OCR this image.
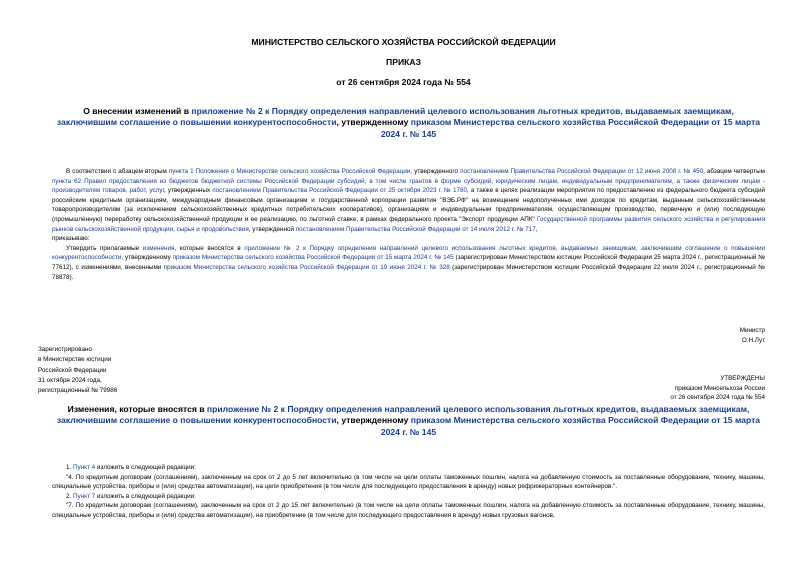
МИНИСТЕРСТВО СЕЛЬСКОГО ХОЗЯЙСТВА РОССИЙСКОЙ ФЕДЕРАЦИИ
ПРИКАЗ
от 26 сентября 2024 года № 554
О внесении изменений в приложение № 2 к Порядку определения направлений целевого использования льготных кредитов, выдаваемых заемщикам, заключившим соглашение о повышении конкурентоспособности, утвержденному приказом Министерства сельского хозяйства Российской Федерации от 15 марта 2024 г. № 145

В соответствии с абзацем вторым пункта 1 Положения о Министерстве сельского хозяйства Российской Федерации, утвержденного постановлением Правительства Российской Федерации от 12 июня 2008 г. № 450, абзацем четвертым пункта 62 Правил предоставления из бюджетов бюджетной системы Российской Федерации субсидий, в том числе грантов в форме субсидий, юридическим лицам, индивидуальным предпринимателям, а также физическим лицам - производителям товаров, работ, услуг, утвержденных постановлением Правительства Российской Федерации от 25 октября 2023 г. № 1780, а также в целях реализации мероприятия по предоставлению из федерального бюджета субсидий российским кредитным организациям, международным финансовым организациям и государственной корпорации развития "ВЭБ.РФ" на возмещение недополученных ими доходов по кредитам, выданным сельскохозяйственным товаропроизводителям (за исключением сельскохозяйственных кредитных потребительских кооперативов), организациям и индивидуальным предпринимателям, осуществляющим производство, первичную и (или) последующую (промышленную) переработку сельскохозяйственной продукции и ее реализацию, по льготной ставке, в рамках федерального проекта "Экспорт продукции АПК" Государственной программы развития сельского хозяйства и регулирования рынков сельскохозяйственной продукции, сырья и продовольствия, утвержденной постановлением Правительства Российской Федерации от 14 июля 2012 г. № 717,

приказываю:

Утвердить прилагаемые изменения, которые вносятся в приложение № 2 к Порядку определения направлений целевого использования льготных кредитов, выдаваемых заемщикам, заключившим соглашение о повышении конкурентоспособности, утвержденному приказом Министерства сельского хозяйства Российской Федерации от 15 марта 2024 г. № 145 (зарегистрирован Министерством юстиции Российской Федерации 25 марта 2024 г., регистрационный № 77612), с изменениями, внесенными приказом Министерства сельского хозяйства Российской Федерации от 19 июня 2024 г. № 328 (зарегистрирован Министерством юстиции Российской Федерации 22 июля 2024 г., регистрационный № 78878).

Министр
О.Н.Лут
Зарегистрировано
в Министерстве юстиции
Российской Федерации
31 октября 2024 года,
регистрационный № 79986
УТВЕРЖДЕНЫ
приказом Минсельхоза России
от 26 сентября 2024 года № 554
Изменения, которые вносятся в приложение № 2 к Порядку определения направлений целевого использования льготных кредитов, выдаваемых заемщикам, заключившим соглашение о повышении конкурентоспособности, утвержденному приказом Министерства сельского хозяйства Российской Федерации от 15 марта 2024 г. № 145

1. Пункт 4 изложить в следующей редакции:

"4. По кредитным договорам (соглашениям), заключенным на срок от 2 до 5 лет включительно (в том числе на цели оплаты таможенных пошлин, налога на добавленную стоимость за поставленные оборудование, технику, машины, специальные устройства, приборы и (или) средства автоматизации), на цели приобретения (в том числе для последующего предоставления в аренду) новых рефрижераторных контейнеров.".

2. Пункт 7 изложить в следующей редакции:

"7. По кредитным договорам (соглашениям), заключенным на срок от 2 до 15 лет включительно (в том числе на цели оплаты таможенных пошлин, налога на добавленную стоимость за поставленные оборудование, технику, машины, специальные устройства, приборы и (или) средства автоматизации), на приобретение (в том числе для последующего предоставления в аренду) новых грузовых вагонов,
